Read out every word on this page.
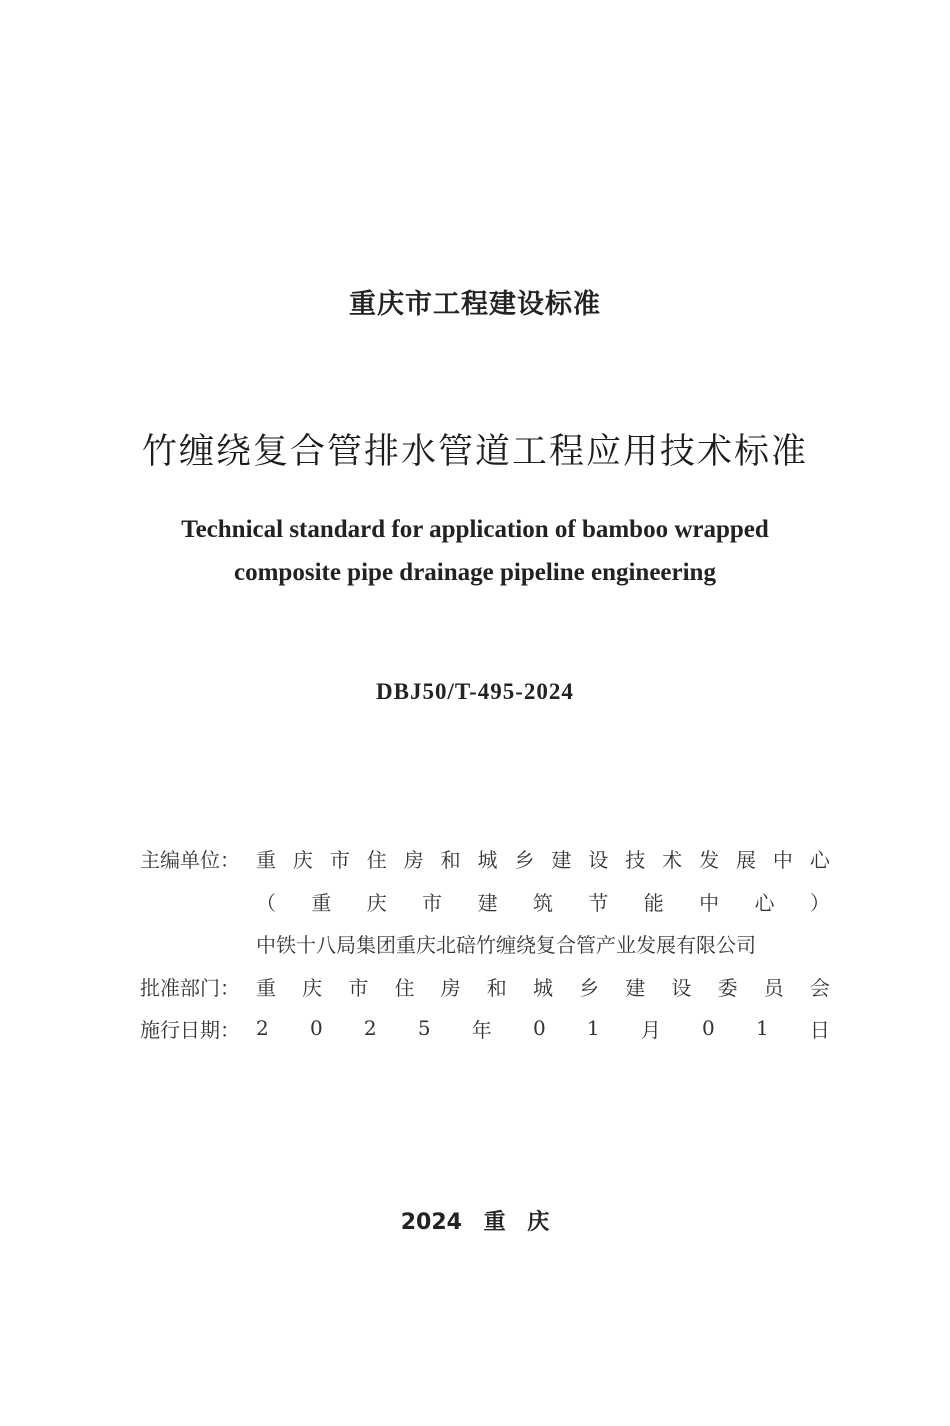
重庆市工程建设标准
竹缠绕复合管排水管道工程应用技术标准
Technical standard for application of bamboo wrapped
composite pipe drainage pipeline engineering
DBJ50/T-495-2024
主编单位： 重 庆 市 住 房 和 城 乡 建 设 技 术 发 展 中 心
（ 重 庆 市 建 筑 节 能 中 心 ）
中铁十八局集团重庆北碚竹缠绕复合管产业发展有限公司
批准部门： 重 庆 市 住 房 和 城 乡 建 设 委 员 会
施行日期： 2 0 2 5 年 0 1 月 0 1 日
2024 重 庆
